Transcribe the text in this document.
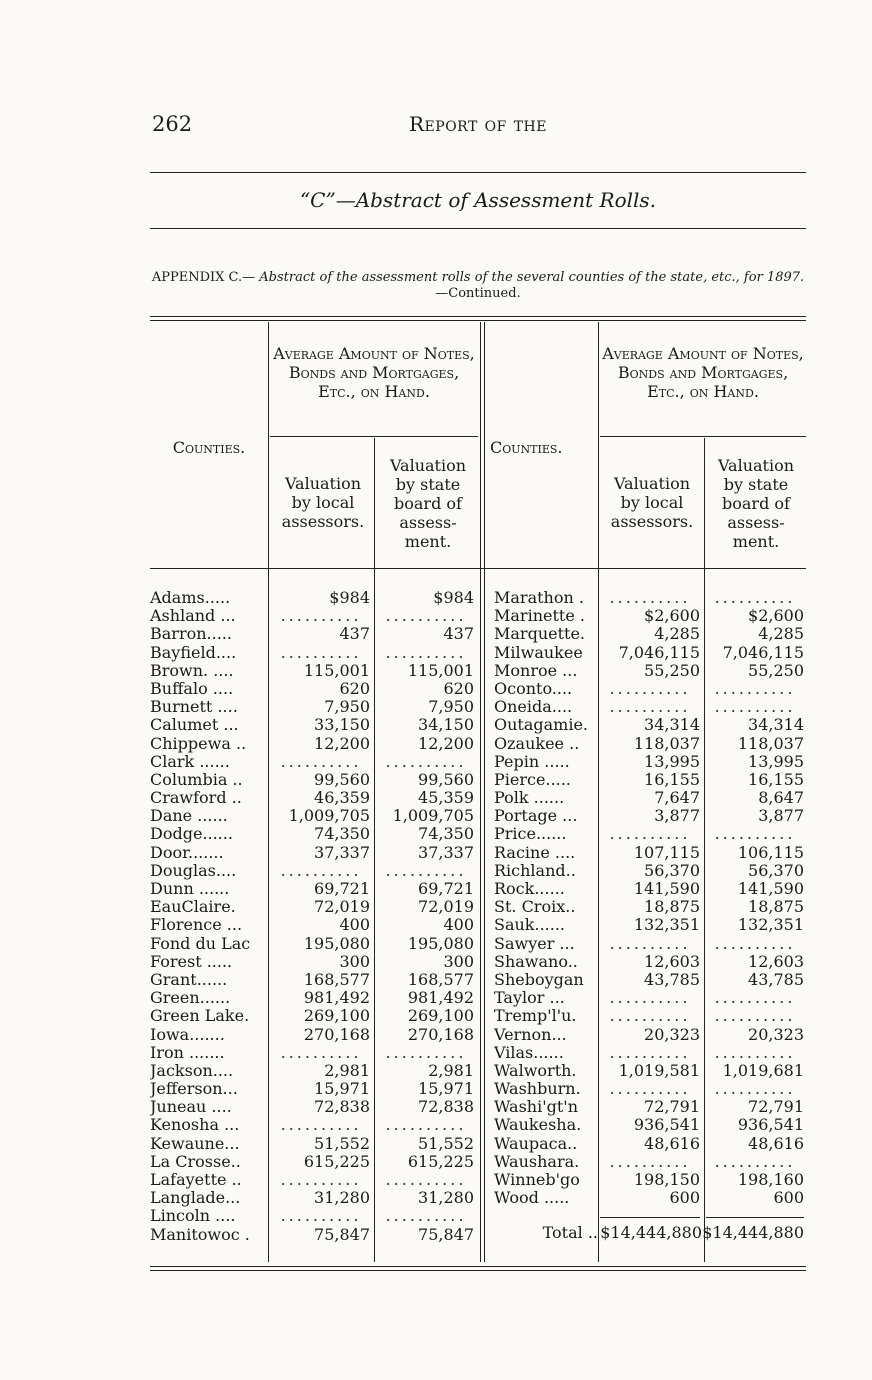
262	Report of the
“C”—Abstract of Assessment Rolls.
APPENDIX C.— Abstract of the assessment rolls of the several counties of the state, etc., for 1897.—Continued.
Counties.
Average Amount of Notes, Bonds and Mortgages, Etc., on Hand.
Valuation by local assessors.
Valuation by state board of assess-ment.
Counties.
Average Amount of Notes, Bonds and Mortgages, Etc., on Hand.
Valuation by local assessors.
Valuation by state board of assess-ment.
Adams.....
Ashland ...
Barron.....
Bayfield....
Brown. ....
Buffalo ....
Burnett ....
Calumet ...
Chippewa ..
Clark ......
Columbia ..
Crawford ..
Dane ......
Dodge......
Door.......
Douglas....
Dunn ......
EauClaire.
Florence ...
Fond du Lac
Forest .....
Grant......
Green......
Green Lake.
Iowa.......
Iron .......
Jackson....
Jefferson...
Juneau ....
Kenosha ...
Kewaune...
La Crosse..
Lafayette ..
Langlade...
Lincoln ....
Manitowoc .
$984
..........
437
..........
115,001
620
7,950
33,150
12,200
..........
99,560
46,359
1,009,705
74,350
37,337
..........
69,721
72,019
400
195,080
300
168,577
981,492
269,100
270,168
..........
2,981
15,971
72,838
..........
51,552
615,225
..........
31,280
..........
75,847
$984
..........
437
..........
115,001
620
7,950
34,150
12,200
..........
99,560
45,359
1,009,705
74,350
37,337
..........
69,721
72,019
400
195,080
300
168,577
981,492
269,100
270,168
..........
2,981
15,971
72,838
..........
51,552
615,225
..........
31,280
..........
75,847
Marathon .
Marinette .
Marquette.
Milwaukee
Monroe ...
Oconto....
Oneida....
Outagamie.
Ozaukee ..
Pepin .....
Pierce.....
Polk ......
Portage ...
Price......
Racine ....
Richland..
Rock......
St. Croix..
Sauk......
Sawyer ...
Shawano..
Sheboygan
Taylor ...
Tremp'l'u.
Vernon...
Vilas......
Walworth.
Washburn.
Washi'gt'n
Waukesha.
Waupaca..
Waushara.
Winneb'go
Wood .....
..........
$2,600
4,285
7,046,115
55,250
..........
..........
34,314
118,037
13,995
16,155
7,647
3,877
..........
107,115
56,370
141,590
18,875
132,351
..........
12,603
43,785
..........
..........
20,323
..........
1,019,581
..........
72,791
936,541
48,616
..........
198,150
600
..........
$2,600
4,285
7,046,115
55,250
..........
..........
34,314
118,037
13,995
16,155
8,647
3,877
..........
106,115
56,370
141,590
18,875
132,351
..........
12,603
43,785
..........
..........
20,323
..........
1,019,681
..........
72,791
936,541
48,616
..........
198,160
600
Total .. $14,444,880 $14,444,880
